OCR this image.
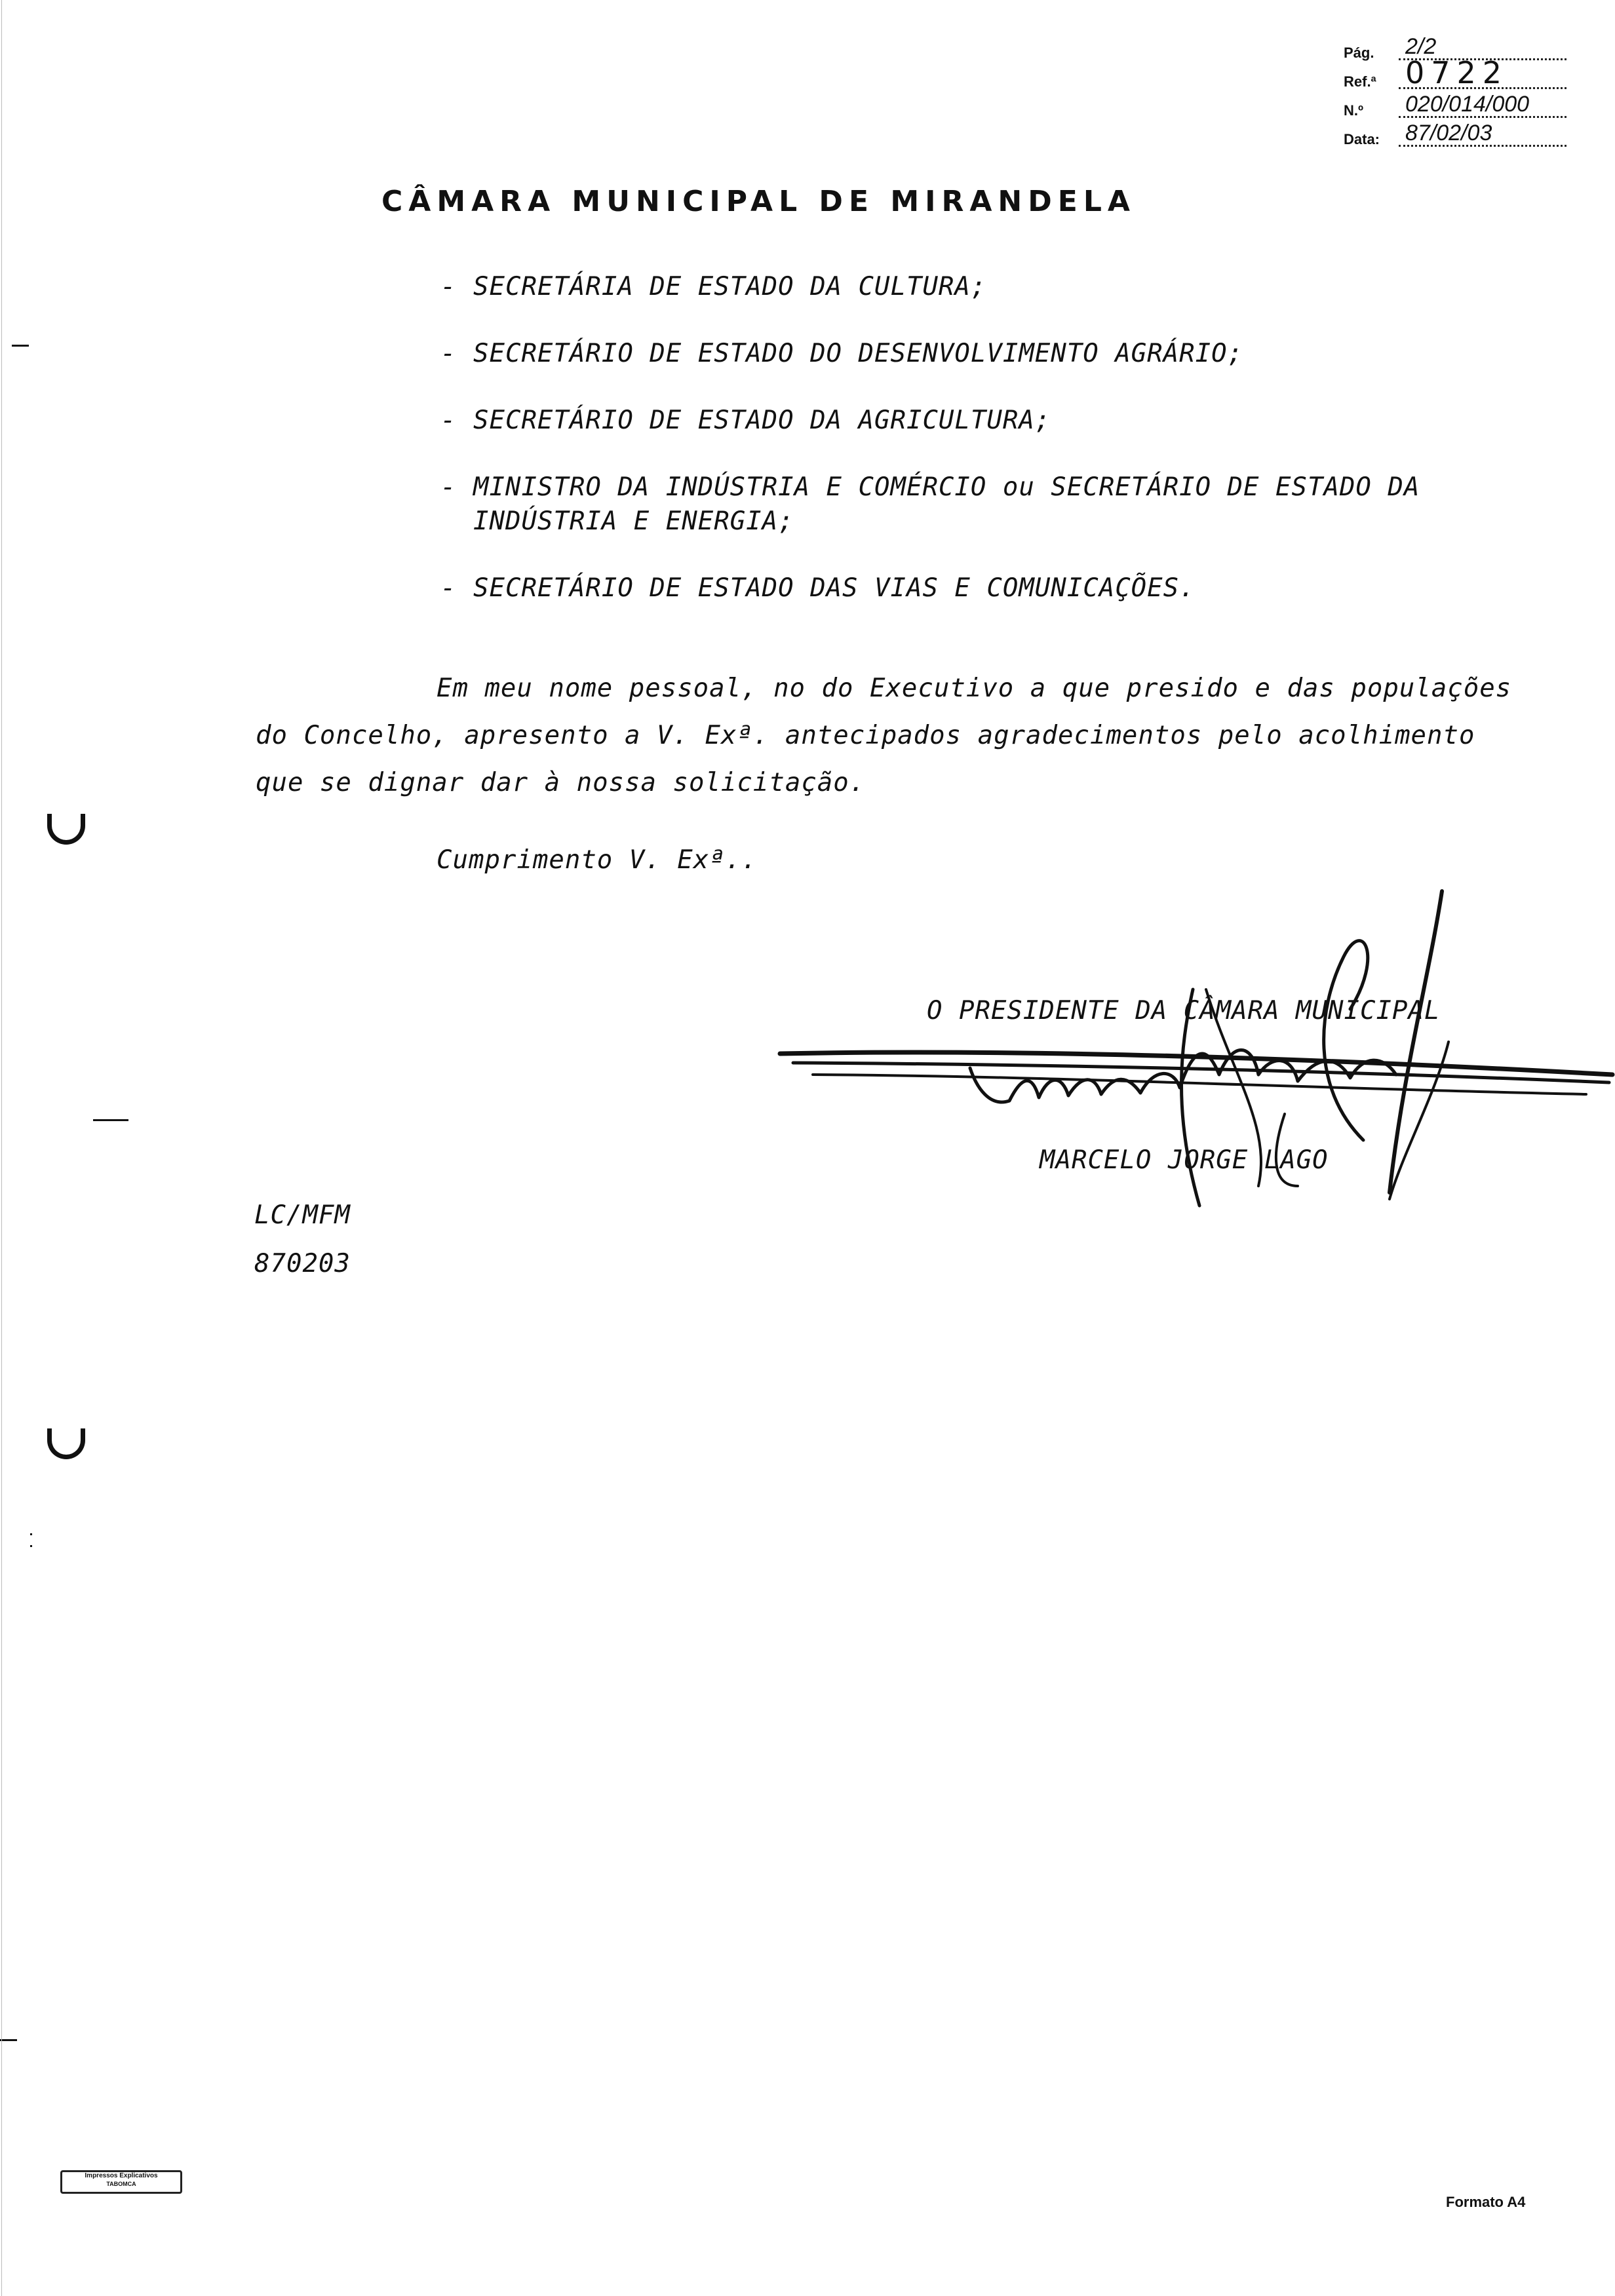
Pág.	2/2
Ref.ª 0722
N.º	020/014/000
Data:	87/02/03
CÂMARA MUNICIPAL DE MIRANDELA
- SECRETÁRIA DE ESTADO DA CULTURA;
- SECRETÁRIO DE ESTADO DO DESENVOLVIMENTO AGRÁRIO;
- SECRETÁRIO DE ESTADO DA AGRICULTURA;
- MINISTRO DA INDÚSTRIA E COMÉRCIO ou SECRETÁRIO DE ESTADO DA
INDÚSTRIA E ENERGIA;
- SECRETÁRIO DE ESTADO DAS VIAS E COMUNICAÇÕES.
Em meu nome pessoal, no do Executivo a que presido e das populações
do Concelho, apresento a V. Exª. antecipados agradecimentos pelo acolhimento
que se dignar dar à nossa solicitação.
Cumprimento V. Exª..
O PRESIDENTE DA CÂMARA MUNICIPAL
MARCELO JORGE LAGO
LC/MFM
870203
Impressos Explicativos
TABOMCA
Formato A4
